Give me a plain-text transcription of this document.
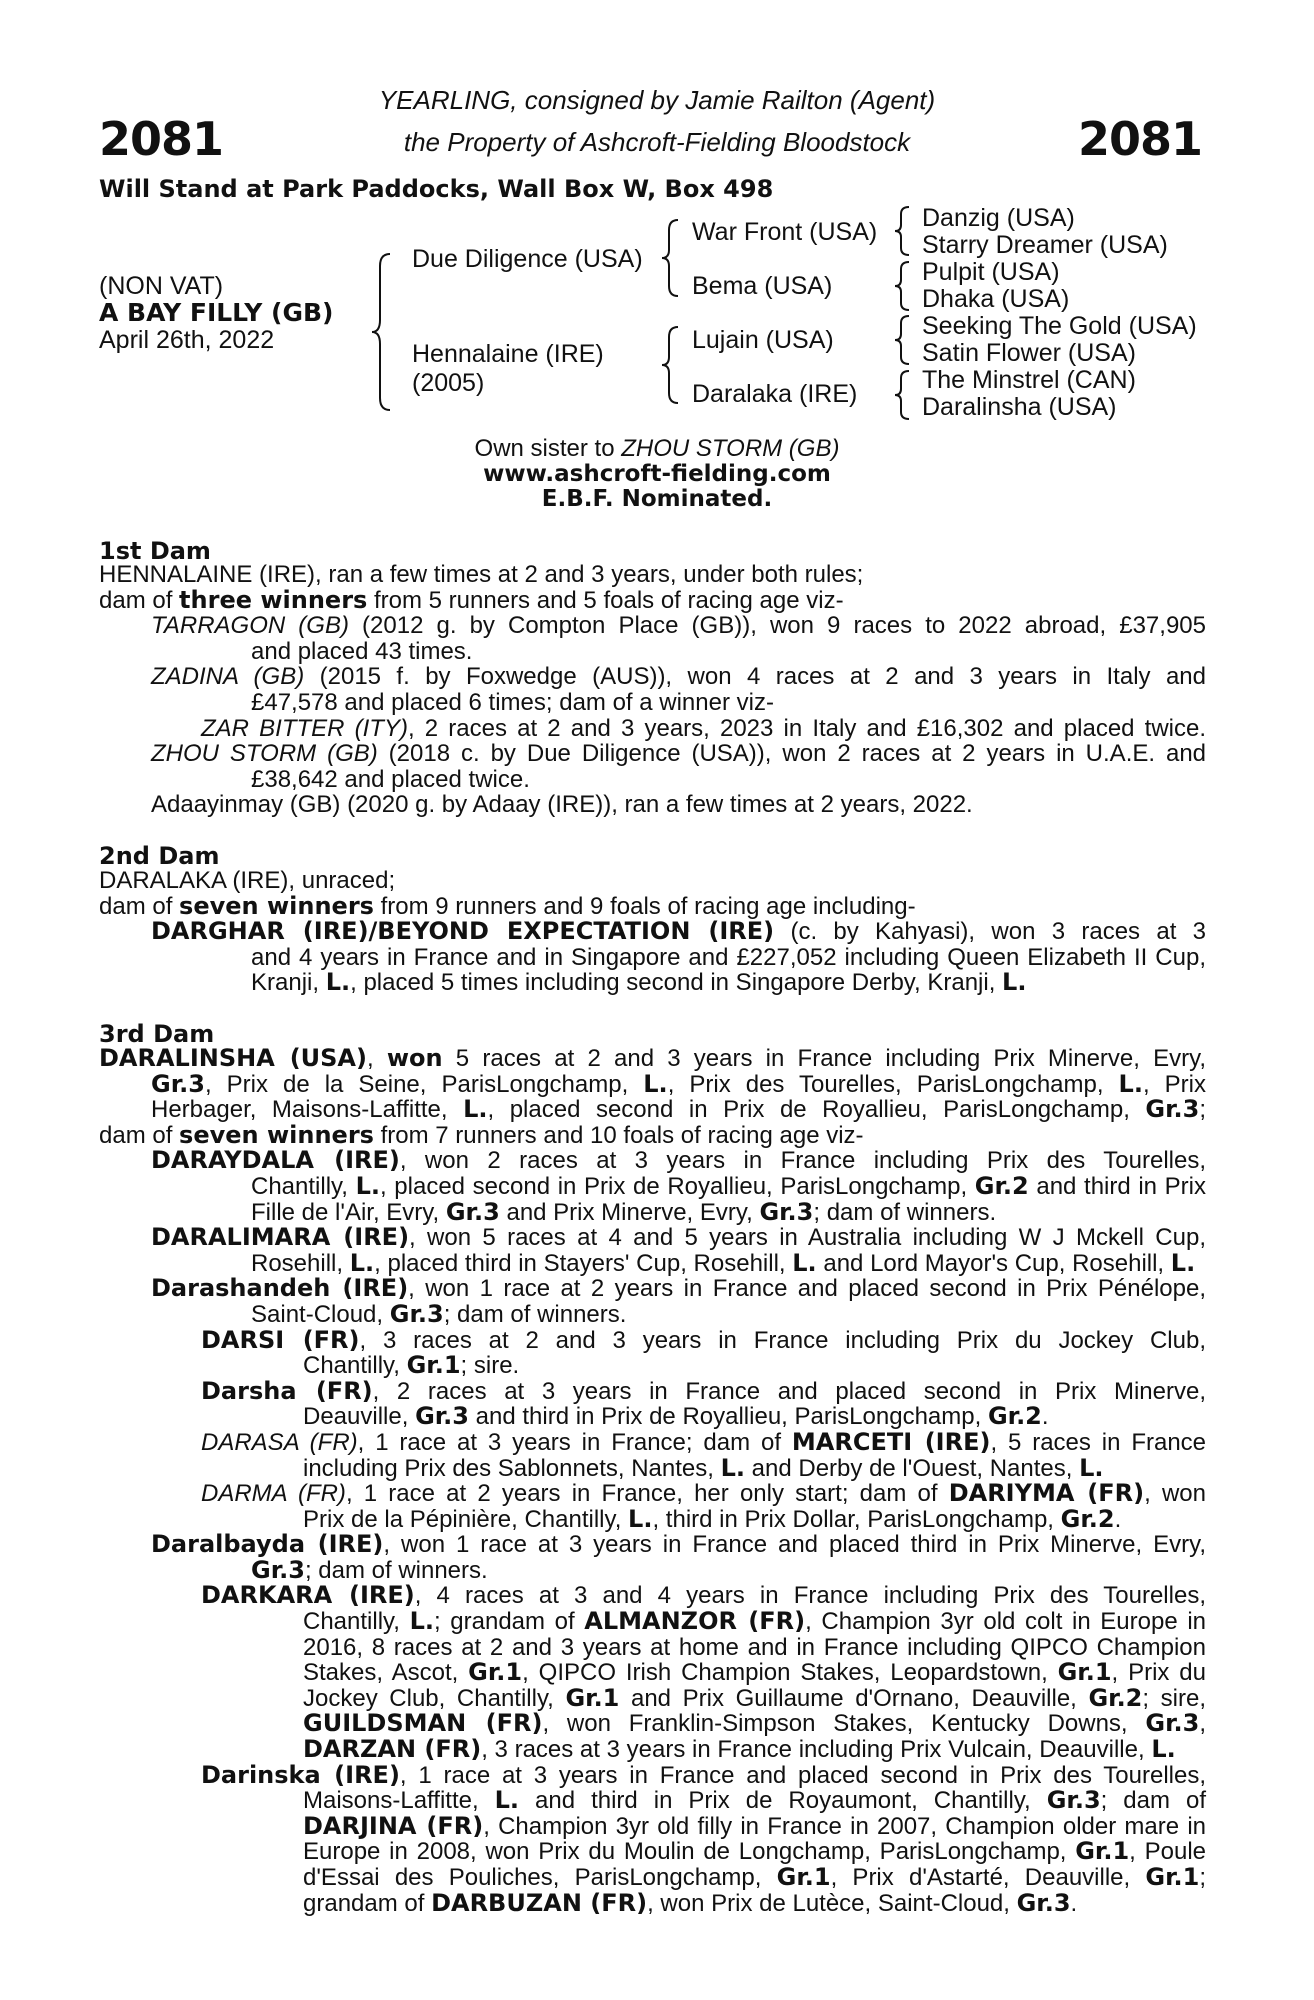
2081	2081
YEARLING, consigned by Jamie Railton (Agent)
the Property of Ashcroft-Fielding Bloodstock
Will Stand at Park Paddocks, Wall Box W, Box 498
(NON VAT)
A BAY FILLY (GB)
April 26th, 2022
Due Diligence (USA)
Hennalaine (IRE)
(2005)
War Front (USA)
Bema (USA)
Lujain (USA)
Daralaka (IRE)
Danzig (USA)
Starry Dreamer (USA)
Pulpit (USA)
Dhaka (USA)
Seeking The Gold (USA)
Satin Flower (USA)
The Minstrel (CAN)
Daralinsha (USA)
Own sister to ZHOU STORM (GB)
www.ashcroft-fielding.com
E.B.F. Nominated.
1st Dam
HENNALAINE (IRE), ran a few times at 2 and 3 years, under both rules;
dam of three winners from 5 runners and 5 foals of racing age viz-
TARRAGON (GB) (2012 g. by Compton Place (GB)), won 9 races to 2022 abroad, £37,905
and placed 43 times.
ZADINA (GB) (2015 f. by Foxwedge (AUS)), won 4 races at 2 and 3 years in Italy and
£47,578 and placed 6 times; dam of a winner viz-
ZAR BITTER (ITY), 2 races at 2 and 3 years, 2023 in Italy and £16,302 and placed twice.
ZHOU STORM (GB) (2018 c. by Due Diligence (USA)), won 2 races at 2 years in U.A.E. and
£38,642 and placed twice.
Adaayinmay (GB) (2020 g. by Adaay (IRE)), ran a few times at 2 years, 2022.
2nd Dam
DARALAKA (IRE), unraced;
dam of seven winners from 9 runners and 9 foals of racing age including-
DARGHAR (IRE)/BEYOND EXPECTATION (IRE) (c. by Kahyasi), won 3 races at 3
and 4 years in France and in Singapore and £227,052 including Queen Elizabeth II Cup,
Kranji, L., placed 5 times including second in Singapore Derby, Kranji, L.
3rd Dam
DARALINSHA (USA), won 5 races at 2 and 3 years in France including Prix Minerve, Evry,
Gr.3, Prix de la Seine, ParisLongchamp, L., Prix des Tourelles, ParisLongchamp, L., Prix
Herbager, Maisons-Laffitte, L., placed second in Prix de Royallieu, ParisLongchamp, Gr.3;
dam of seven winners from 7 runners and 10 foals of racing age viz-
DARAYDALA (IRE), won 2 races at 3 years in France including Prix des Tourelles,
Chantilly, L., placed second in Prix de Royallieu, ParisLongchamp, Gr.2 and third in Prix
Fille de l'Air, Evry, Gr.3 and Prix Minerve, Evry, Gr.3; dam of winners.
DARALIMARA (IRE), won 5 races at 4 and 5 years in Australia including W J Mckell Cup,
Rosehill, L., placed third in Stayers' Cup, Rosehill, L. and Lord Mayor's Cup, Rosehill, L.
Darashandeh (IRE), won 1 race at 2 years in France and placed second in Prix Pénélope,
Saint-Cloud, Gr.3; dam of winners.
DARSI (FR), 3 races at 2 and 3 years in France including Prix du Jockey Club,
Chantilly, Gr.1; sire.
Darsha (FR), 2 races at 3 years in France and placed second in Prix Minerve,
Deauville, Gr.3 and third in Prix de Royallieu, ParisLongchamp, Gr.2.
DARASA (FR), 1 race at 3 years in France; dam of MARCETI (IRE), 5 races in France
including Prix des Sablonnets, Nantes, L. and Derby de l'Ouest, Nantes, L.
DARMA (FR), 1 race at 2 years in France, her only start; dam of DARIYMA (FR), won
Prix de la Pépinière, Chantilly, L., third in Prix Dollar, ParisLongchamp, Gr.2.
Daralbayda (IRE), won 1 race at 3 years in France and placed third in Prix Minerve, Evry,
Gr.3; dam of winners.
DARKARA (IRE), 4 races at 3 and 4 years in France including Prix des Tourelles,
Chantilly, L.; grandam of ALMANZOR (FR), Champion 3yr old colt in Europe in
2016, 8 races at 2 and 3 years at home and in France including QIPCO Champion
Stakes, Ascot, Gr.1, QIPCO Irish Champion Stakes, Leopardstown, Gr.1, Prix du
Jockey Club, Chantilly, Gr.1 and Prix Guillaume d'Ornano, Deauville, Gr.2; sire,
GUILDSMAN (FR), won Franklin-Simpson Stakes, Kentucky Downs, Gr.3,
DARZAN (FR), 3 races at 3 years in France including Prix Vulcain, Deauville, L.
Darinska (IRE), 1 race at 3 years in France and placed second in Prix des Tourelles,
Maisons-Laffitte, L. and third in Prix de Royaumont, Chantilly, Gr.3; dam of
DARJINA (FR), Champion 3yr old filly in France in 2007, Champion older mare in
Europe in 2008, won Prix du Moulin de Longchamp, ParisLongchamp, Gr.1, Poule
d'Essai des Pouliches, ParisLongchamp, Gr.1, Prix d'Astarté, Deauville, Gr.1;
grandam of DARBUZAN (FR), won Prix de Lutèce, Saint-Cloud, Gr.3.
